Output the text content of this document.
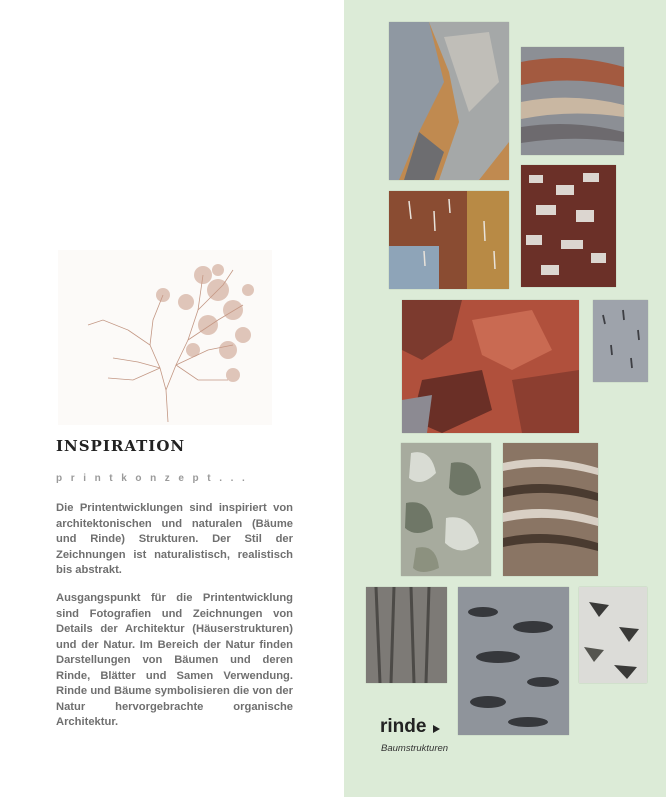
INSPIRATION
printkonzept...

Die Printentwicklungen sind inspiriert von architektonischen und naturalen (Bäume und Rinde) Strukturen. Der Stil der Zeichnungen ist naturalistisch, realistisch bis abstrakt.

Ausgangspunkt für die Printentwicklung sind Fotografien und Zeichnungen von Details der Architektur (Häuserstrukturen) und der Natur. Im Bereich der Natur finden Darstellungen von Bäumen und deren Rinde, Blätter und Samen Verwendung. Rinde und Bäume symbolisieren die von der Natur hervorgebrachte organische Architektur.	rinde
Baumstrukturen
